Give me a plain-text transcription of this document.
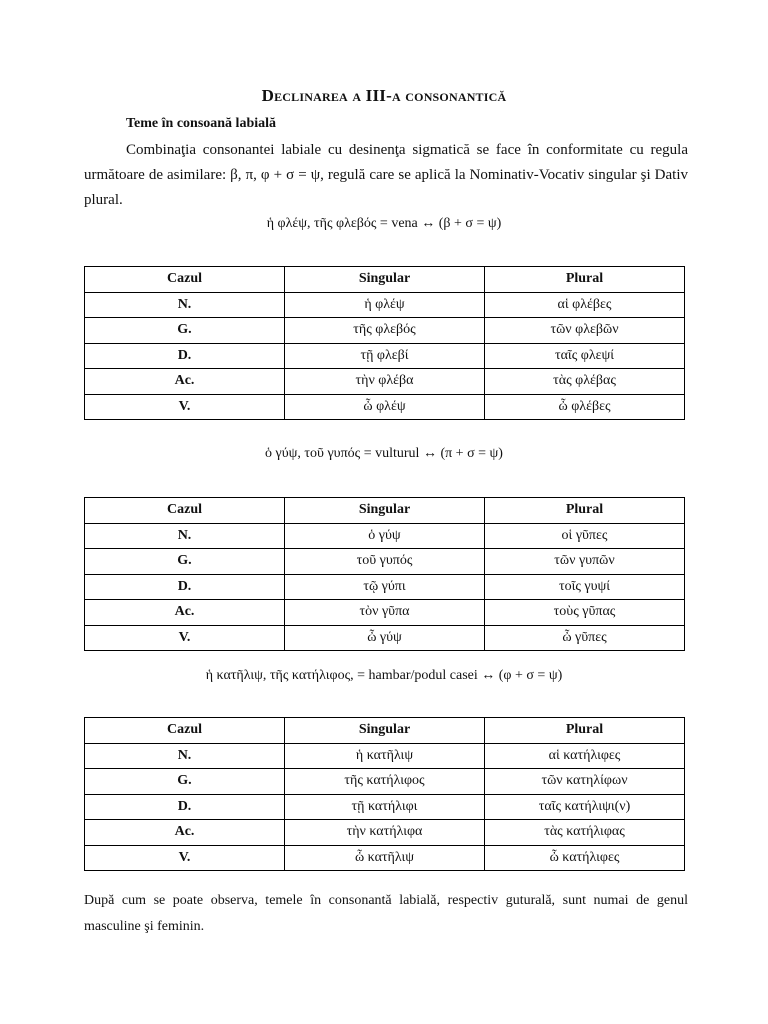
Declinarea a III-a consonantică
Teme în consoană labială
Combinaţia consonantei labiale cu desinenţa sigmatică se face în conformitate cu regula următoare de asimilare: β, π, φ + σ = ψ, regulă care se aplică la Nominativ-Vocativ singular şi Dativ plural.
ἡ φλέψ, τῆς φλεβός = vena ↔ (β + σ = ψ)
Cazul	Singular	Plural
N.	ἡ φλέψ	αἱ φλέβες
G.	τῆς φλεβός	τῶν φλεβῶν
D.	τῇ φλεβί	ταῖς φλεψί
Ac.	τὴν φλέβα	τὰς φλέβας
V.	ὦ φλέψ	ὦ φλέβες
ὁ γύψ, τοῦ γυπός = vulturul ↔ (π + σ = ψ)
Cazul	Singular	Plural
N.	ὁ γύψ	οἱ γῦπες
G.	τοῦ γυπός	τῶν γυπῶν
D.	τῷ γύπι	τοῖς γυψί
Ac.	τὸν γῦπα	τοὺς γῦπας
V.	ὦ γύψ	ὦ γῦπες
ἡ κατῆλιψ, τῆς κατήλιφος, = hambar/podul casei ↔ (φ + σ = ψ)
Cazul	Singular	Plural
N.	ἡ κατῆλιψ	αἱ κατήλιφες
G.	τῆς κατήλιφος	τῶν κατηλίφων
D.	τῇ κατήλιφι	ταῖς κατήλιψι(ν)
Ac.	τὴν κατήλιφα	τὰς κατήλιφας
V.	ὦ κατῆλιψ	ὦ κατήλιφες
După cum se poate observa, temele în consonantă labială, respectiv guturală, sunt numai de genul masculine şi feminin.
